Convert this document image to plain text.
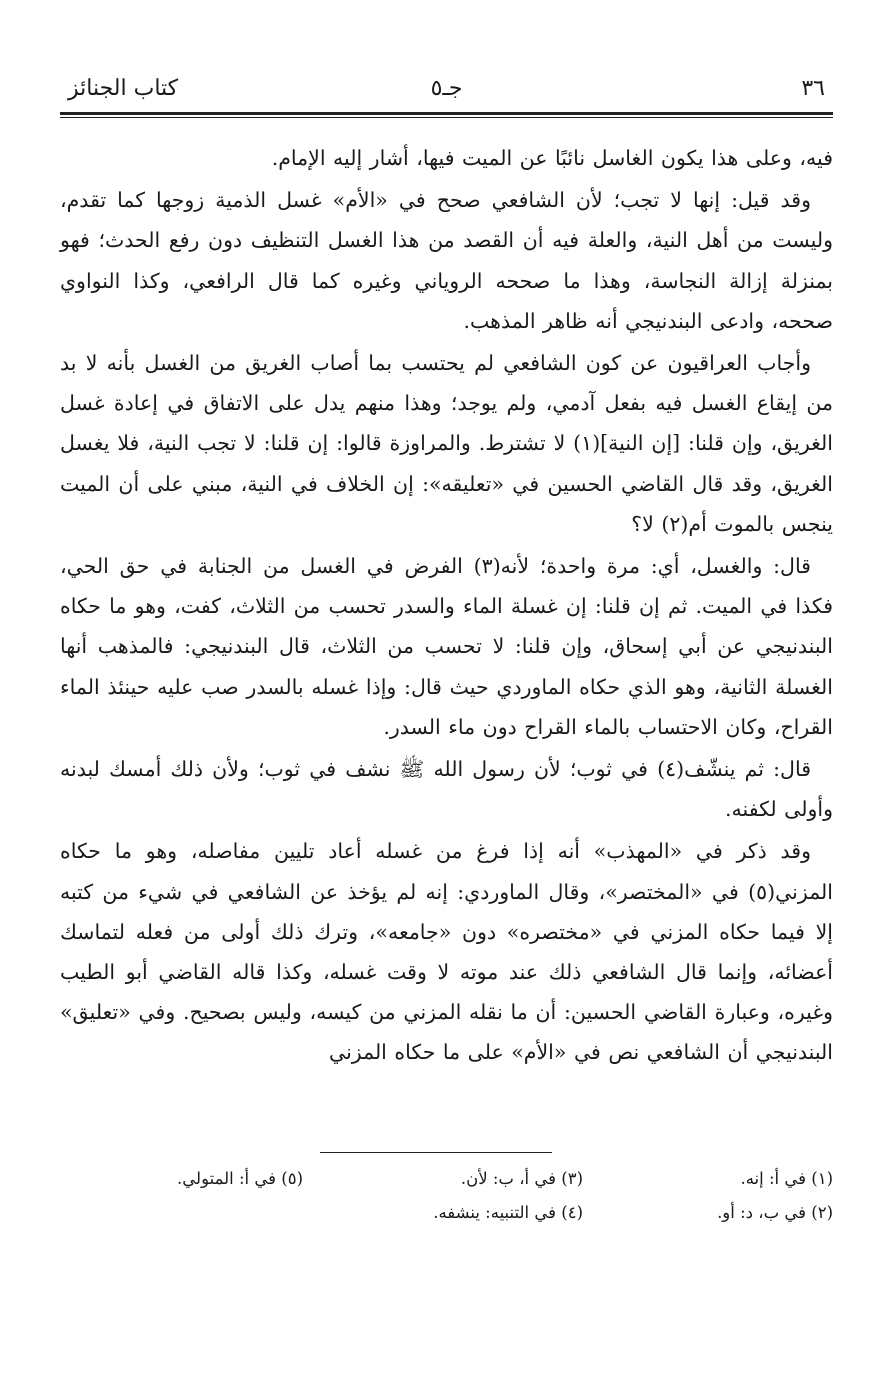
٣٦
جـ٥
كتاب الجنائز

فيه، وعلى هذا يكون الغاسل نائبًا عن الميت فيها، أشار إليه الإمام.

وقد قيل: إنها لا تجب؛ لأن الشافعي صحح في «الأم» غسل الذمية زوجها كما تقدم، وليست من أهل النية، والعلة فيه أن القصد من هذا الغسل التنظيف دون رفع الحدث؛ فهو بمنزلة إزالة النجاسة، وهذا ما صححه الروياني وغيره كما قال الرافعي، وكذا النواوي صححه، وادعى البندنيجي أنه ظاهر المذهب.

وأجاب العراقيون عن كون الشافعي لم يحتسب بما أصاب الغريق من الغسل بأنه لا بد من إيقاع الغسل فيه بفعل آدمي، ولم يوجد؛ وهذا منهم يدل على الاتفاق في إعادة غسل الغريق، وإن قلنا: [إن النية](١) لا تشترط. والمراوزة قالوا: إن قلنا: لا تجب النية، فلا يغسل الغريق، وقد قال القاضي الحسين في «تعليقه»: إن الخلاف في النية، مبني على أن الميت ينجس بالموت أم(٢) لا؟

قال: والغسل، أي: مرة واحدة؛ لأنه(٣) الفرض في الغسل من الجنابة في حق الحي، فكذا في الميت. ثم إن قلنا: إن غسلة الماء والسدر تحسب من الثلاث، كفت، وهو ما حكاه البندنيجي عن أبي إسحاق، وإن قلنا: لا تحسب من الثلاث، قال البندنيجي: فالمذهب أنها الغسلة الثانية، وهو الذي حكاه الماوردي حيث قال: وإذا غسله بالسدر صب عليه حينئذ الماء القراح، وكان الاحتساب بالماء القراح دون ماء السدر.

قال: ثم ينشّف(٤) في ثوب؛ لأن رسول الله ﷺ نشف في ثوب؛ ولأن ذلك أمسك لبدنه وأولى لكفنه.

وقد ذكر في «المهذب» أنه إذا فرغ من غسله أعاد تليين مفاصله، وهو ما حكاه المزني(٥) في «المختصر»، وقال الماوردي: إنه لم يؤخذ عن الشافعي في شيء من كتبه إلا فيما حكاه المزني في «مختصره» دون «جامعه»، وترك ذلك أولى من فعله لتماسك أعضائه، وإنما قال الشافعي ذلك عند موته لا وقت غسله، وكذا قاله القاضي أبو الطيب وغيره، وعبارة القاضي الحسين: أن ما نقله المزني من كيسه، وليس بصحيح. وفي «تعليق» البندنيجي أن الشافعي نص في «الأم» على ما حكاه المزني

(١) في أ: إنه.
(٣) في أ، ب: لأن.
(٥) في أ: المتولي.
(٢) في ب، د: أو.
(٤) في التنبيه: ينشفه.
